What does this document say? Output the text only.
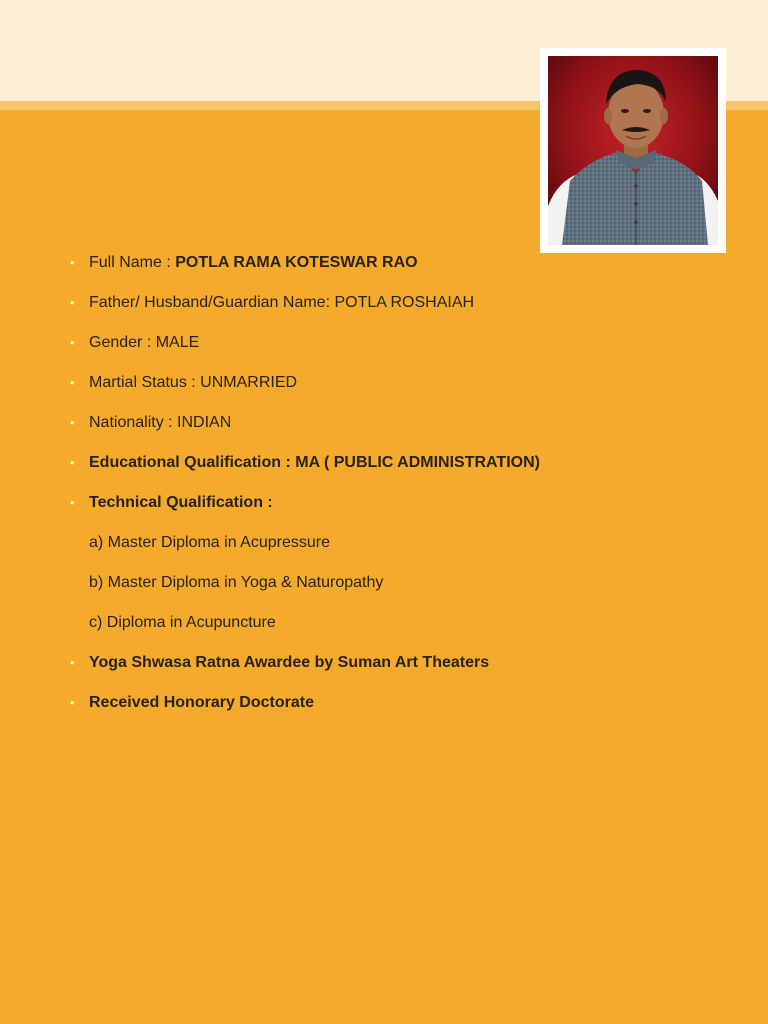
• Full Name : POTLA RAMA KOTESWAR RAO
• Father/ Husband/Guardian Name: POTLA ROSHAIAH
• Gender : MALE
• Martial Status : UNMARRIED
• Nationality : INDIAN
• Educational Qualification : MA ( PUBLIC ADMINISTRATION)
• Technical Qualification :
a) Master Diploma in Acupressure
b) Master Diploma in Yoga & Naturopathy
c) Diploma in Acupuncture
• Yoga Shwasa Ratna Awardee by Suman Art Theaters
• Received Honorary Doctorate
